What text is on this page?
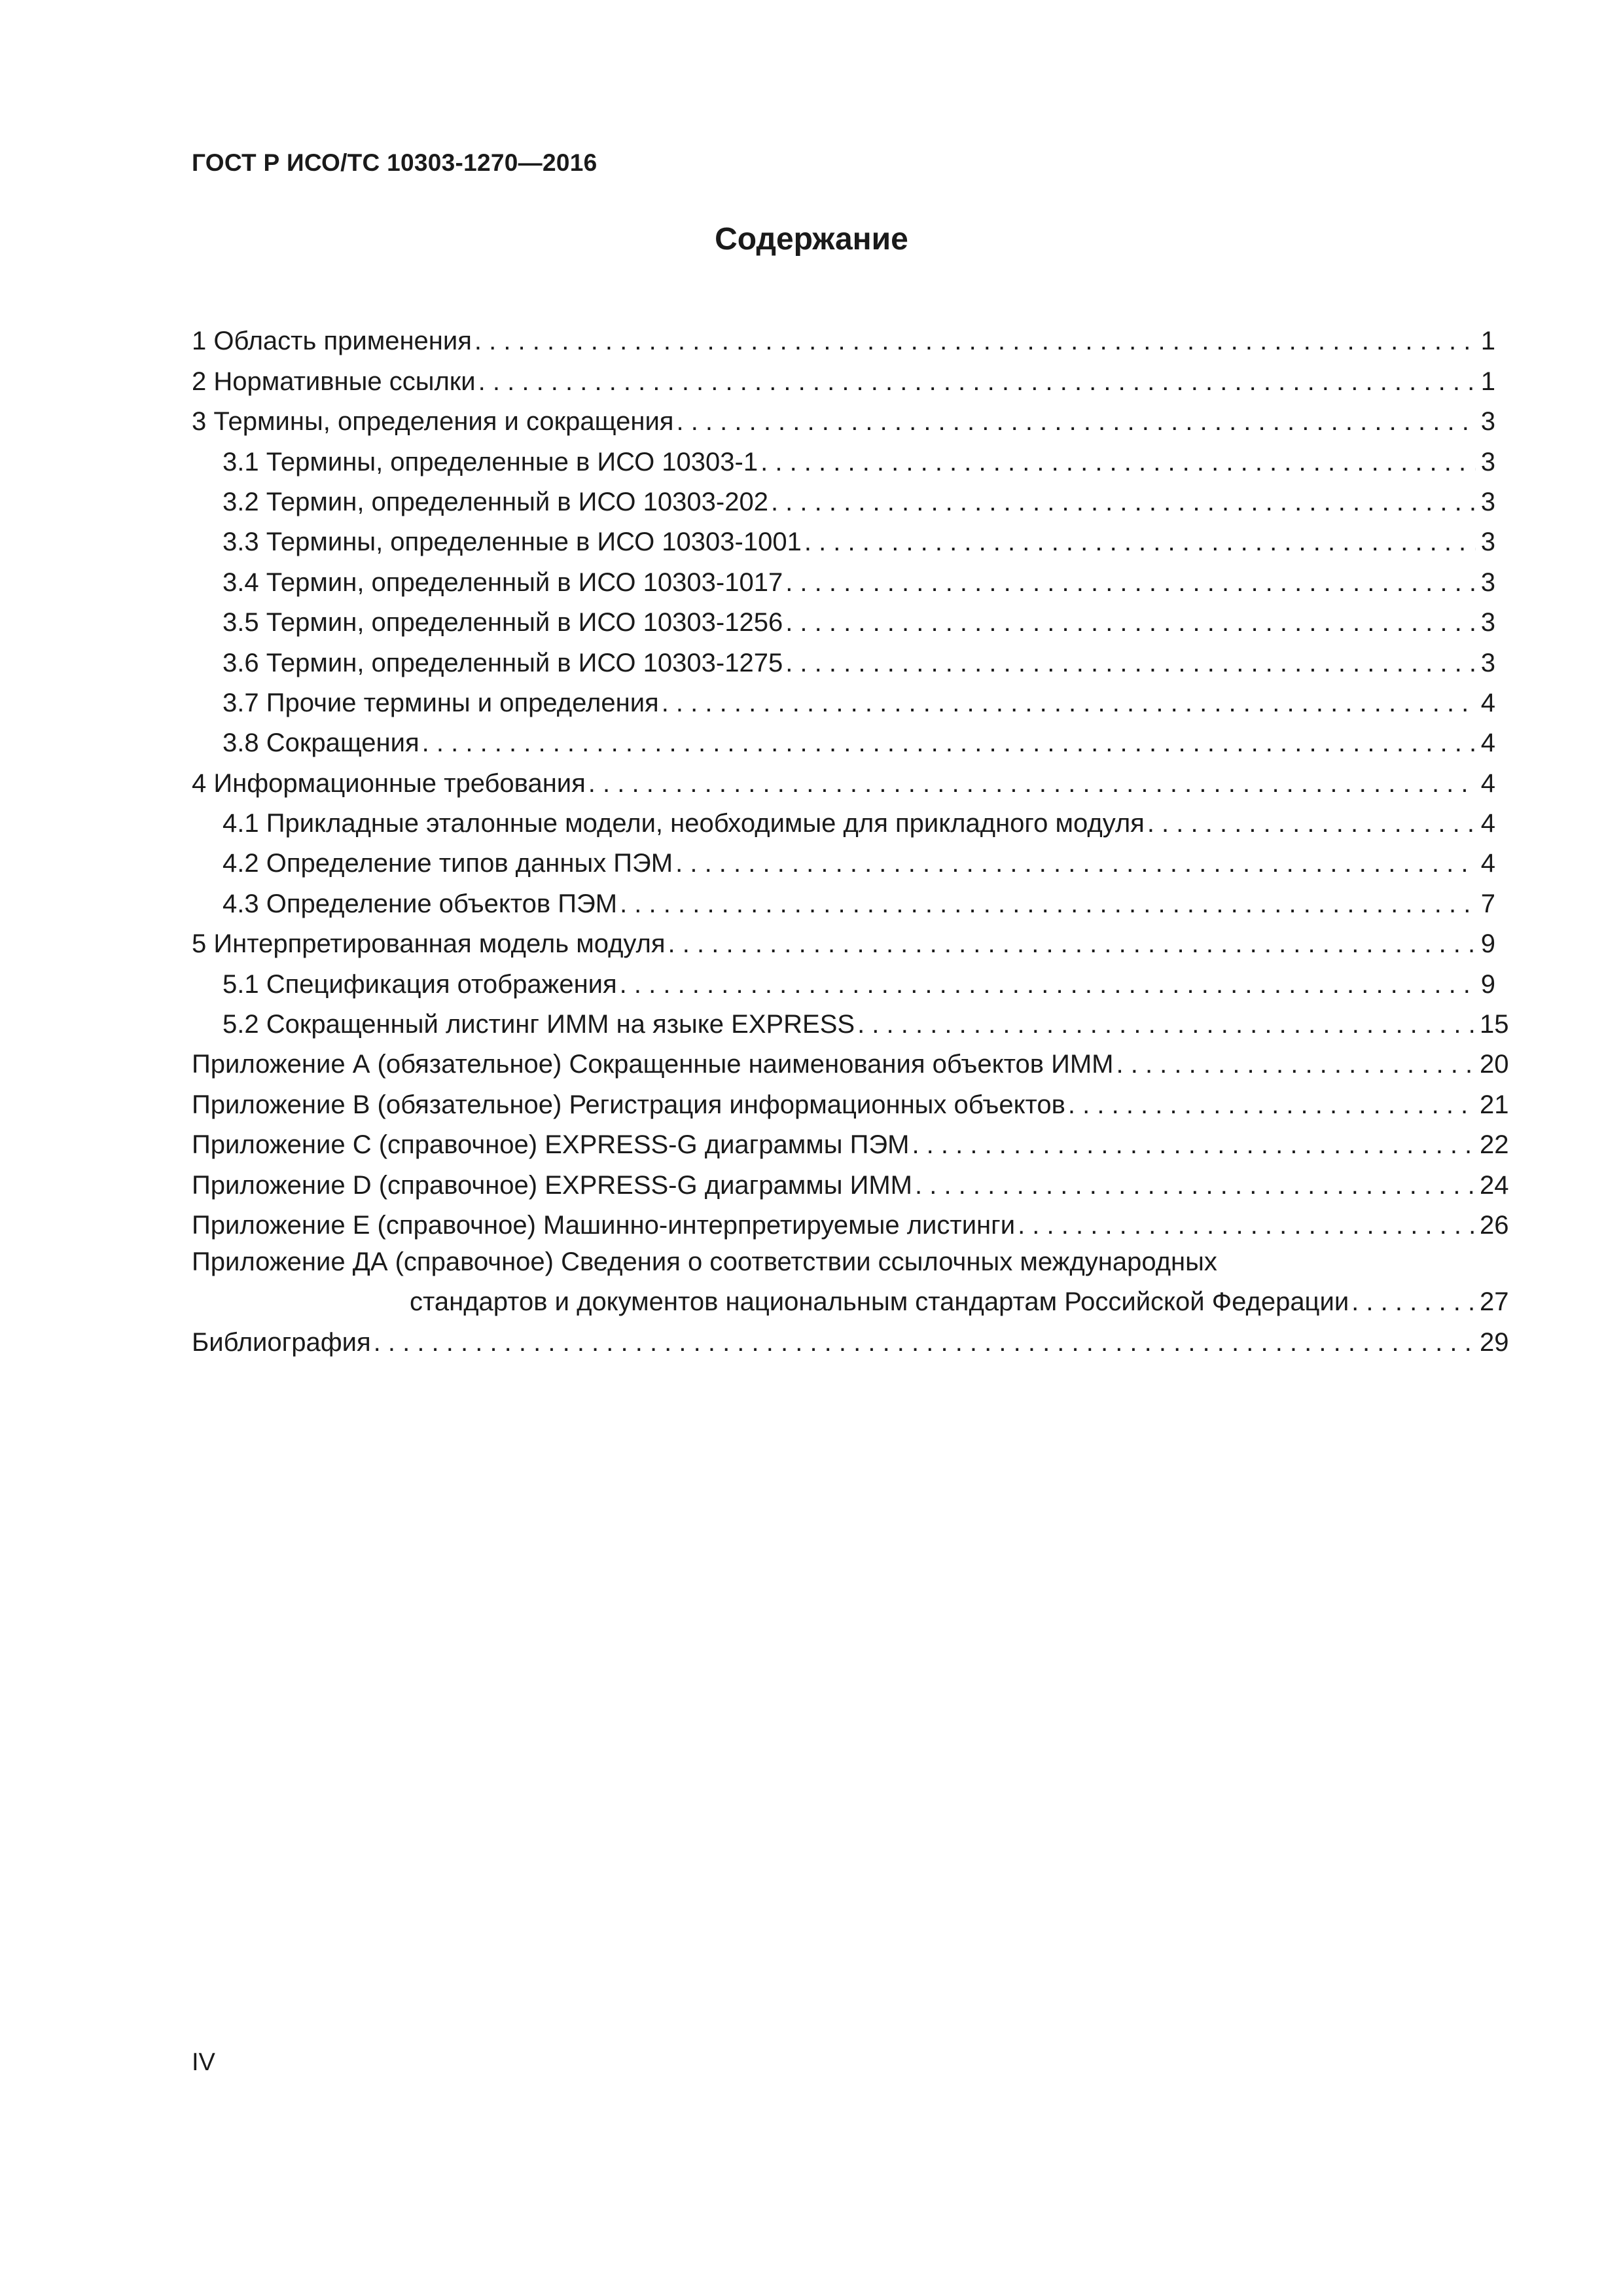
ГОСТ Р ИСО/ТС 10303-1270—2016
Содержание
1 Область применения . . .	1
2 Нормативные ссылки . . .	1
3 Термины, определения и сокращения . . .	3
3.1 Термины, определенные в ИСО 10303-1 . . .	3
3.2 Термин, определенный в ИСО 10303-202 . . .	3
3.3 Термины, определенные в ИСО 10303-1001 . . .	3
3.4 Термин, определенный в ИСО 10303-1017 . . .	3
3.5 Термин, определенный в ИСО 10303-1256 . . .	3
3.6 Термин, определенный в ИСО 10303-1275 . . .	3
3.7 Прочие термины и определения . . .	4
3.8 Сокращения . . .	4
4 Информационные требования . . .	4
4.1 Прикладные эталонные модели, необходимые для прикладного модуля . . .	4
4.2 Определение типов данных ПЭМ . . .	4
4.3 Определение объектов ПЭМ . . .	7
5 Интерпретированная модель модуля . . .	9
5.1 Спецификация отображения . . .	9
5.2 Сокращенный листинг ИММ на языке EXPRESS . . .	15
Приложение А (обязательное) Сокращенные наименования объектов ИММ . . .	20
Приложение В (обязательное) Регистрация информационных объектов . . .	21
Приложение С (справочное) EXPRESS-G диаграммы ПЭМ . . .	22
Приложение D (справочное) EXPRESS-G диаграммы ИММ . . .	24
Приложение E (справочное) Машинно-интерпретируемые листинги . . .	26
Приложение ДА (справочное) Сведения о соответствии ссылочных международных
стандартов и документов национальным стандартам Российской Федерации . . .	27
Библиография . . .	29
IV
